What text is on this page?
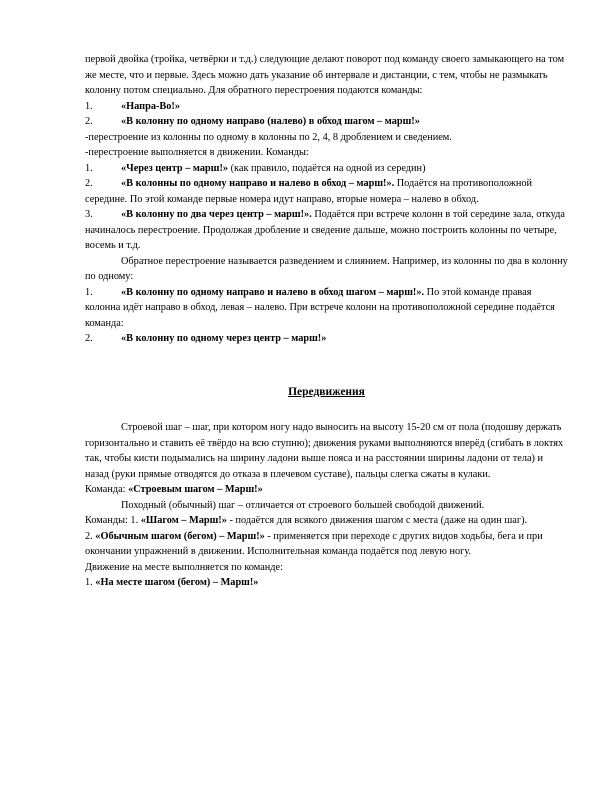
первой двойка (тройка, четвёрки и т.д.) следующие делают поворот под команду своего замыкающего на том же месте, что и первые. Здесь можно дать указание об интервале и дистанции, с тем, чтобы не размыкать колонну потом специально. Для обратного перестроения подаются команды:

1.	«Напра-Во!»

2.	«В колонну по одному направо (налево) в обход шагом – марш!»

-перестроение из колонны по одному в колонны по 2, 4, 8 дроблением и сведением.

-перестроение выполняется в движении. Команды:

1.	«Через центр – марш!» (как правило, подаётся на одной из середин)

2.	«В колонны по одному направо и налево в обход – марш!». Подаётся на противоположной середине. По этой команде первые номера идут направо, вторые номера – налево в обход.

3.	«В колонну по два через центр – марш!». Подаётся при встрече колонн в той середине зала, откуда начиналось перестроение. Продолжая дробление и сведение дальше, можно построить колонны по четыре, восемь и т.д.

Обратное перестроение называется разведением и слиянием. Например, из колонны по два в колонну по одному:

1.	«В колонну по одному направо и налево в обход шагом – марш!». По этой команде правая колонна идёт направо в обход, левая – налево. При встрече колонн на противоположной середине подаётся команда:

2.	«В колонну по одному через центр – марш!»

Передвижения

Строевой шаг – шаг, при котором ногу надо выносить на высоту 15-20 см от пола (подошву держать горизонтально и ставить её твёрдо на всю ступню); движения руками выполняются вперёд (сгибать в локтях так, чтобы кисти подымались на ширину ладони выше пояса и на расстоянии ширины ладони от тела) и назад (руки прямые отводятся до отказа в плечевом суставе), пальцы слегка сжаты в кулаки.

Команда: «Строевым шагом – Марш!»

Походный (обычный) шаг – отличается от строевого большей свободой движений.

Команды: 1. «Шагом – Марш!» - подаётся для всякого движения шагом с места (даже на один шаг).

2. «Обычным шагом (бегом) – Марш!» - применяется при переходе с других видов ходьбы, бега и при окончании упражнений в движении. Исполнительная команда подаётся под левую ногу.

Движение на месте выполняется по команде:

1. «На месте шагом (бегом) – Марш!»
